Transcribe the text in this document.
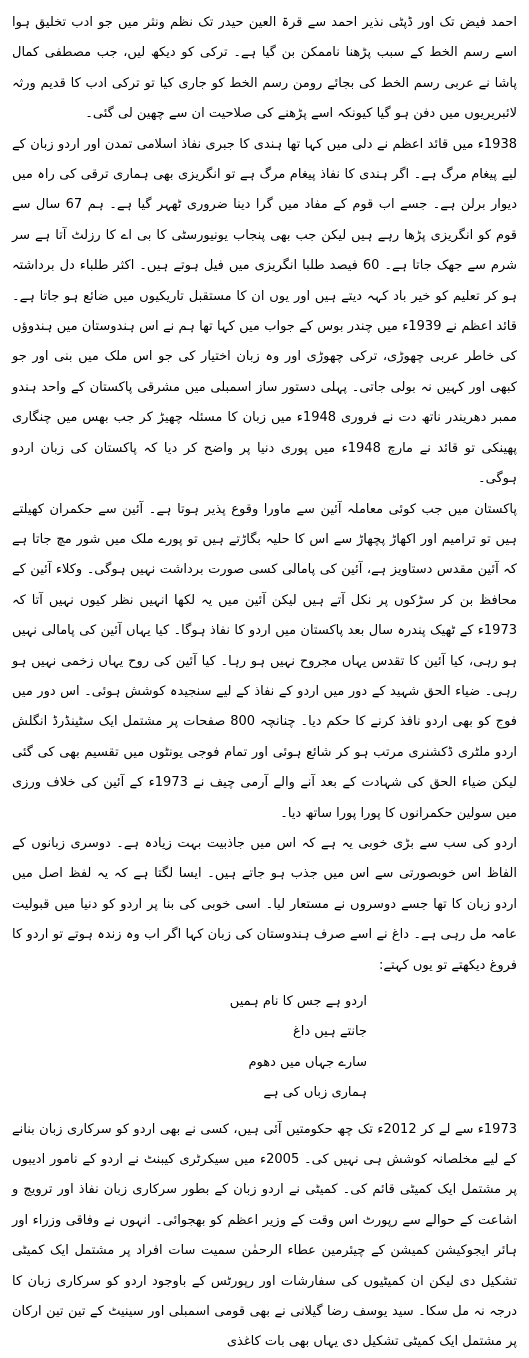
احمد فیض تک اور ڈپٹی نذیر احمد سے قرۃ العین حیدر تک نظم ونثر میں جو ادب تخلیق ہوا اسے رسم الخط کے سبب پڑھنا ناممکن بن گیا ہے۔ ترکی کو دیکھ لیں، جب مصطفی کمال پاشا نے عربی رسم الخط کی بجائے رومن رسم الخط کو جاری کیا تو ترکی ادب کا قدیم ورثہ لائبریریوں میں دفن ہو گیا کیونکہ اسے پڑھنے کی صلاحیت ان سے چھین لی گئی۔

1938ء میں قائد اعظم نے دلی میں کہا تھا ہندی کا جبری نفاذ اسلامی تمدن اور اردو زبان کے لیے پیغام مرگ ہے۔ اگر ہندی کا نفاذ پیغام مرگ ہے تو انگریزی بھی ہماری ترقی کی راہ میں دیوار برلن ہے۔ جسے اب قوم کے مفاد میں گرا دینا ضروری ٹھہر گیا ہے۔ ہم 67 سال سے قوم کو انگریزی پڑھا رہے ہیں لیکن جب بھی پنجاب یونیورسٹی کا بی اے کا رزلٹ آتا ہے سر شرم سے جھک جاتا ہے۔ 60 فیصد طلبا انگریزی میں فیل ہوتے ہیں۔ اکثر طلباء دل برداشتہ ہو کر تعلیم کو خیر باد کہہ دیتے ہیں اور یوں ان کا مستقبل تاریکیوں میں ضائع ہو جاتا ہے۔ قائد اعظم نے 1939ء میں چندر بوس کے جواب میں کہا تھا ہم نے اس ہندوستان میں ہندوؤں کی خاطر عربی چھوڑی، ترکی چھوڑی اور وہ زبان اختیار کی جو اس ملک میں بنی اور جو کبھی اور کہیں نہ بولی جاتی۔ پہلی دستور ساز اسمبلی میں مشرقی پاکستان کے واحد ہندو ممبر دھریندر ناتھ دت نے فروری 1948ء میں زبان کا مسئلہ چھیڑ کر جب بھس میں چنگاری پھینکی تو قائد نے مارچ 1948ء میں پوری دنیا پر واضح کر دیا کہ پاکستان کی زبان اردو ہوگی۔

پاکستان میں جب کوئی معاملہ آئین سے ماورا وقوع پذیر ہوتا ہے۔ آئین سے حکمران کھیلتے ہیں تو ترامیم اور اکھاڑ پچھاڑ سے اس کا حلیہ بگاڑتے ہیں تو پورے ملک میں شور مچ جاتا ہے کہ آئین مقدس دستاویز ہے، آئین کی پامالی کسی صورت برداشت نہیں ہوگی۔ وکلاء آئین کے محافظ بن کر سڑکوں پر نکل آتے ہیں لیکن آئین میں یہ لکھا انہیں نظر کیوں نہیں آتا کہ 1973ء کے ٹھیک پندرہ سال بعد پاکستان میں اردو کا نفاذ ہوگا۔ کیا یہاں آئین کی پامالی نہیں ہو رہی، کیا آئین کا تقدس یہاں مجروح نہیں ہو رہا۔ کیا آئین کی روح یہاں زخمی نہیں ہو رہی۔ ضیاء الحق شہید کے دور میں اردو کے نفاذ کے لیے سنجیدہ کوشش ہوئی۔ اس دور میں فوج کو بھی اردو نافذ کرنے کا حکم دیا۔ چنانچہ 800 صفحات پر مشتمل ایک سٹینڈرڈ انگلش اردو ملٹری ڈکشنری مرتب ہو کر شائع ہوئی اور تمام فوجی یونٹوں میں تقسیم بھی کی گئی لیکن ضیاء الحق کی شہادت کے بعد آنے والے آرمی چیف نے 1973ء کے آئین کی خلاف ورزی میں سولین حکمرانوں کا پورا پورا ساتھ دیا۔

اردو کی سب سے بڑی خوبی یہ ہے کہ اس میں جاذبیت بہت زیادہ ہے۔ دوسری زبانوں کے الفاظ اس خوبصورتی سے اس میں جذب ہو جاتے ہیں۔ ایسا لگتا ہے کہ یہ لفظ اصل میں اردو زبان کا تھا جسے دوسروں نے مستعار لیا۔ اسی خوبی کی بنا پر اردو کو دنیا میں قبولیت عامہ مل رہی ہے۔ داغ نے اسے صرف ہندوستان کی زبان کہا اگر اب وہ زندہ ہوتے تو اردو کا فروغ دیکھتے تو یوں کہتے:

اردو ہے جس کا نام ہمیں
جانتے ہیں داغ
سارے جہاں میں دھوم
ہماری زباں کی ہے

1973ء سے لے کر 2012ء تک چھ حکومتیں آئی ہیں، کسی نے بھی اردو کو سرکاری زبان بنانے کے لیے مخلصانہ کوشش ہی نہیں کی۔ 2005ء میں سیکرٹری کیبنٹ نے اردو کے نامور ادیبوں پر مشتمل ایک کمیٹی قائم کی۔ کمیٹی نے اردو زبان کے بطور سرکاری زبان نفاذ اور ترویج و اشاعت کے حوالے سے رپورٹ اس وقت کے وزیر اعظم کو بھجوائی۔ انہوں نے وفاقی وزراء اور ہائر ایجوکیشن کمیشن کے چیئرمین عطاء الرحمٰن سمیت سات افراد پر مشتمل ایک کمیٹی تشکیل دی لیکن ان کمیٹیوں کی سفارشات اور رپورٹس کے باوجود اردو کو سرکاری زبان کا درجہ نہ مل سکا۔ سید یوسف رضا گیلانی نے بھی قومی اسمبلی اور سینیٹ کے تین تین ارکان پر مشتمل ایک کمیٹی تشکیل دی یہاں بھی بات کاغذی
